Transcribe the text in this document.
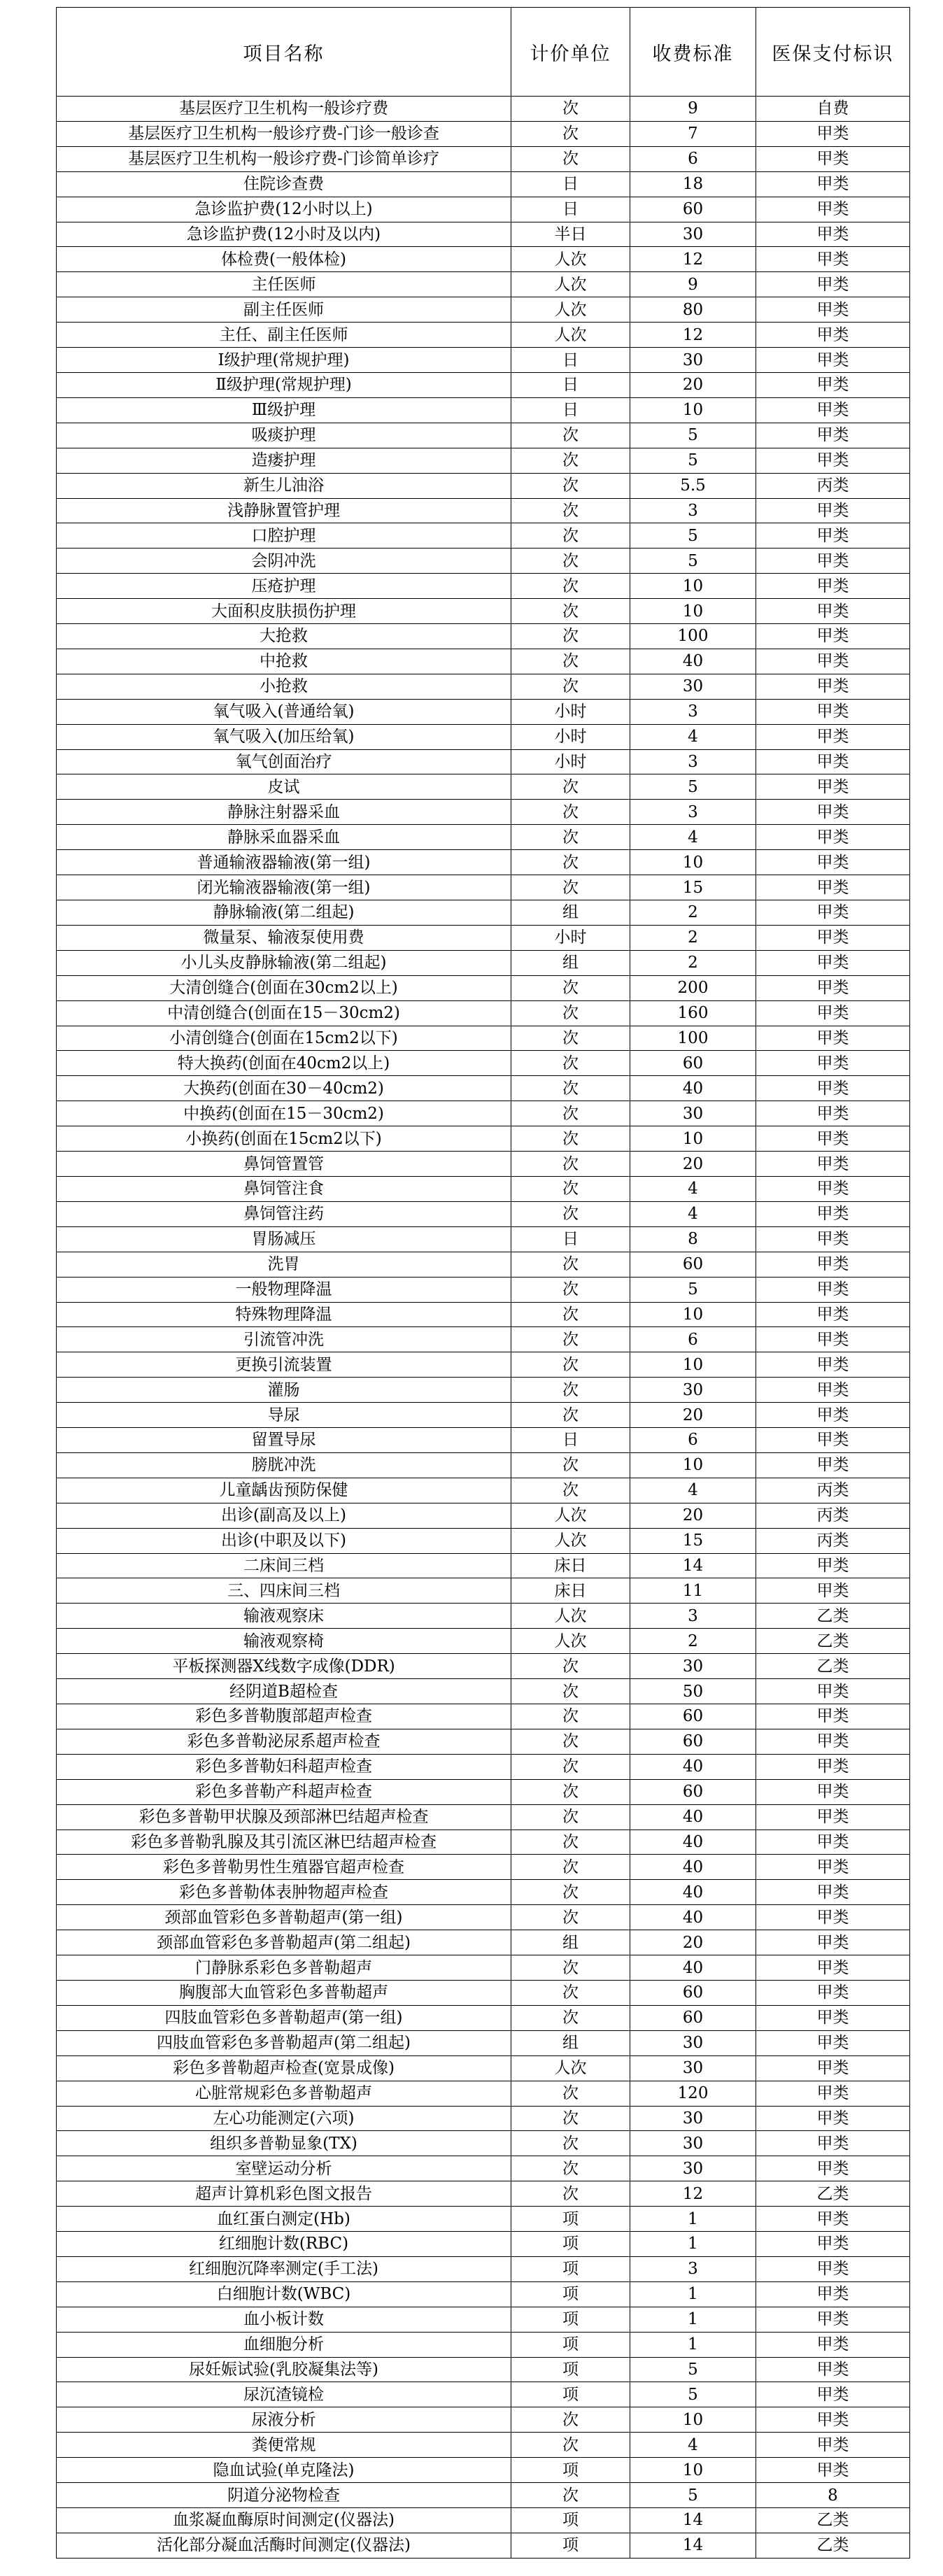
项目名称	计价单位	收费标准	医保支付标识
基层医疗卫生机构一般诊疗费	次	9	自费
基层医疗卫生机构一般诊疗费-门诊一般诊查	次	7	甲类
基层医疗卫生机构一般诊疗费-门诊简单诊疗	次	6	甲类
住院诊查费	日	18	甲类
急诊监护费(12小时以上)	日	60	甲类
急诊监护费(12小时及以内)	半日	30	甲类
体检费(一般体检)	人次	12	甲类
主任医师	人次	9	甲类
副主任医师	人次	80	甲类
主任、副主任医师	人次	12	甲类
Ⅰ级护理(常规护理)	日	30	甲类
Ⅱ级护理(常规护理)	日	20	甲类
Ⅲ级护理	日	10	甲类
吸痰护理	次	5	甲类
造瘘护理	次	5	甲类
新生儿油浴	次	5.5	丙类
浅静脉置管护理	次	3	甲类
口腔护理	次	5	甲类
会阴冲洗	次	5	甲类
压疮护理	次	10	甲类
大面积皮肤损伤护理	次	10	甲类
大抢救	次	100	甲类
中抢救	次	40	甲类
小抢救	次	30	甲类
氧气吸入(普通给氧)	小时	3	甲类
氧气吸入(加压给氧)	小时	4	甲类
氧气创面治疗	小时	3	甲类
皮试	次	5	甲类
静脉注射器采血	次	3	甲类
静脉采血器采血	次	4	甲类
普通输液器输液(第一组)	次	10	甲类
闭光输液器输液(第一组)	次	15	甲类
静脉输液(第二组起)	组	2	甲类
微量泵、输液泵使用费	小时	2	甲类
小儿头皮静脉输液(第二组起)	组	2	甲类
大清创缝合(创面在30cm2以上)	次	200	甲类
中清创缝合(创面在15－30cm2)	次	160	甲类
小清创缝合(创面在15cm2以下)	次	100	甲类
特大换药(创面在40cm2以上)	次	60	甲类
大换药(创面在30－40cm2)	次	40	甲类
中换药(创面在15－30cm2)	次	30	甲类
小换药(创面在15cm2以下)	次	10	甲类
鼻饲管置管	次	20	甲类
鼻饲管注食	次	4	甲类
鼻饲管注药	次	4	甲类
胃肠减压	日	8	甲类
洗胃	次	60	甲类
一般物理降温	次	5	甲类
特殊物理降温	次	10	甲类
引流管冲洗	次	6	甲类
更换引流装置	次	10	甲类
灌肠	次	30	甲类
导尿	次	20	甲类
留置导尿	日	6	甲类
膀胱冲洗	次	10	甲类
儿童龋齿预防保健	次	4	丙类
出诊(副高及以上)	人次	20	丙类
出诊(中职及以下)	人次	15	丙类
二床间三档	床日	14	甲类
三、四床间三档	床日	11	甲类
输液观察床	人次	3	乙类
输液观察椅	人次	2	乙类
平板探测器X线数字成像(DDR)	次	30	乙类
经阴道B超检查	次	50	甲类
彩色多普勒腹部超声检查	次	60	甲类
彩色多普勒泌尿系超声检查	次	60	甲类
彩色多普勒妇科超声检查	次	40	甲类
彩色多普勒产科超声检查	次	60	甲类
彩色多普勒甲状腺及颈部淋巴结超声检查	次	40	甲类
彩色多普勒乳腺及其引流区淋巴结超声检查	次	40	甲类
彩色多普勒男性生殖器官超声检查	次	40	甲类
彩色多普勒体表肿物超声检查	次	40	甲类
颈部血管彩色多普勒超声(第一组)	次	40	甲类
颈部血管彩色多普勒超声(第二组起)	组	20	甲类
门静脉系彩色多普勒超声	次	40	甲类
胸腹部大血管彩色多普勒超声	次	60	甲类
四肢血管彩色多普勒超声(第一组)	次	60	甲类
四肢血管彩色多普勒超声(第二组起)	组	30	甲类
彩色多普勒超声检查(宽景成像)	人次	30	甲类
心脏常规彩色多普勒超声	次	120	甲类
左心功能测定(六项)	次	30	甲类
组织多普勒显象(TX)	次	30	甲类
室壁运动分析	次	30	甲类
超声计算机彩色图文报告	次	12	乙类
血红蛋白测定(Hb)	项	1	甲类
红细胞计数(RBC)	项	1	甲类
红细胞沉降率测定(手工法)	项	3	甲类
白细胞计数(WBC)	项	1	甲类
血小板计数	项	1	甲类
血细胞分析	项	1	甲类
尿妊娠试验(乳胶凝集法等)	项	5	甲类
尿沉渣镜检	项	5	甲类
尿液分析	次	10	甲类
粪便常规	次	4	甲类
隐血试验(单克隆法)	项	10	甲类
阴道分泌物检查	次	5	8
血浆凝血酶原时间测定(仪器法)	项	14	乙类
活化部分凝血活酶时间测定(仪器法)	项	14	乙类
